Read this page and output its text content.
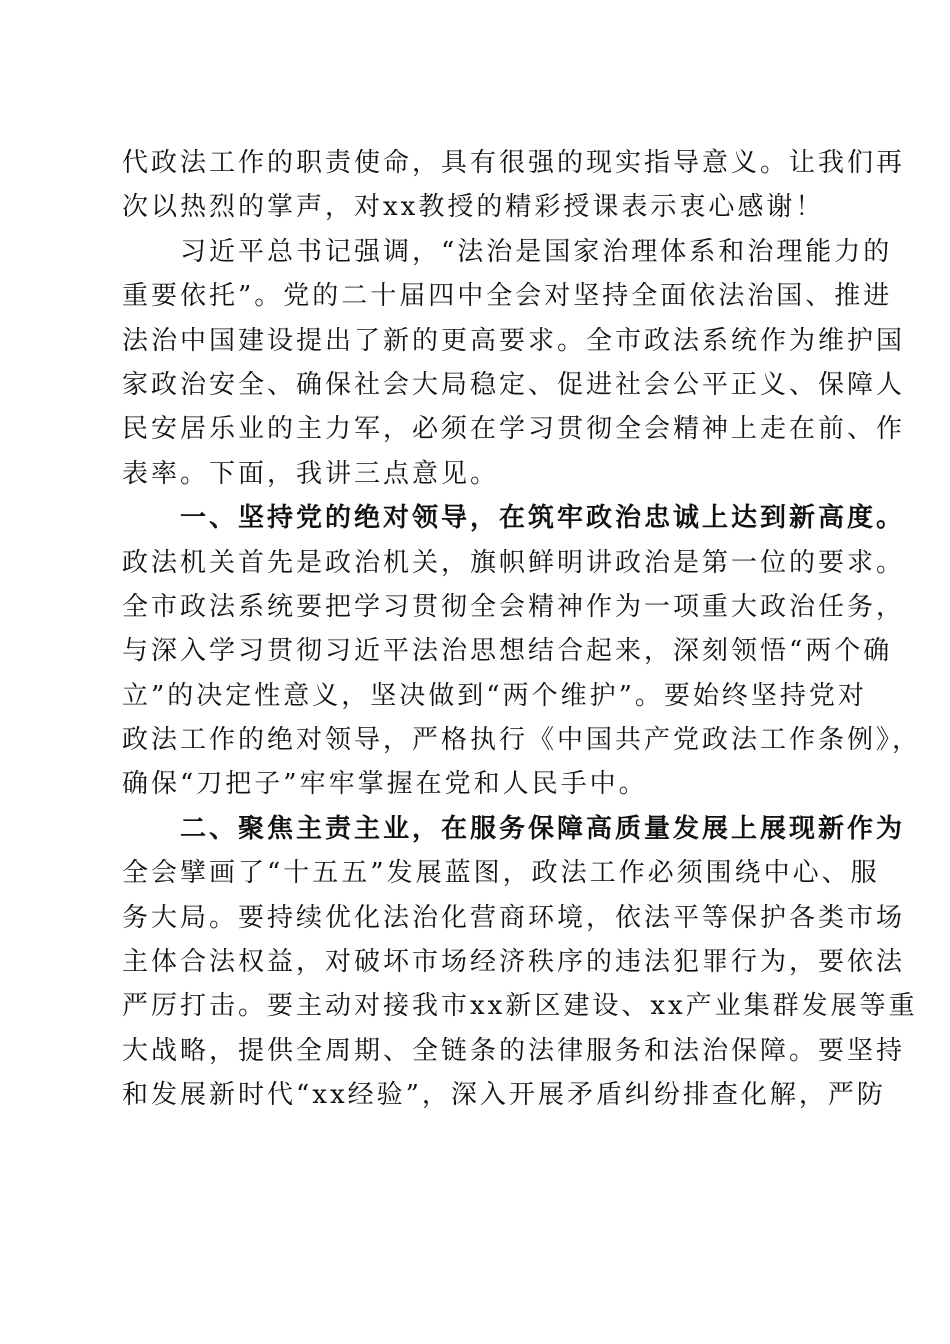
代政法工作的职责使命，具有很强的现实指导意义。让我们再
次以热烈的掌声，对xx教授的精彩授课表示衷心感谢！
　　习近平总书记强调，“法治是国家治理体系和治理能力的
重要依托”。党的二十届四中全会对坚持全面依法治国、推进
法治中国建设提出了新的更高要求。全市政法系统作为维护国
家政治安全、确保社会大局稳定、促进社会公平正义、保障人
民安居乐业的主力军，必须在学习贯彻全会精神上走在前、作
表率。下面，我讲三点意见。
　　一、坚持党的绝对领导，在筑牢政治忠诚上达到新高度。
政法机关首先是政治机关，旗帜鲜明讲政治是第一位的要求。
全市政法系统要把学习贯彻全会精神作为一项重大政治任务，
与深入学习贯彻习近平法治思想结合起来，深刻领悟“两个确
立”的决定性意义，坚决做到“两个维护”。要始终坚持党对
政法工作的绝对领导，严格执行《中国共产党政法工作条例》，
确保“刀把子”牢牢掌握在党和人民手中。
　　二、聚焦主责主业，在服务保障高质量发展上展现新作为
全会擘画了“十五五”发展蓝图，政法工作必须围绕中心、服
务大局。要持续优化法治化营商环境，依法平等保护各类市场
主体合法权益，对破坏市场经济秩序的违法犯罪行为，要依法
严厉打击。要主动对接我市xx新区建设、xx产业集群发展等重
大战略，提供全周期、全链条的法律服务和法治保障。要坚持
和发展新时代“xx经验”，深入开展矛盾纠纷排查化解，严防
